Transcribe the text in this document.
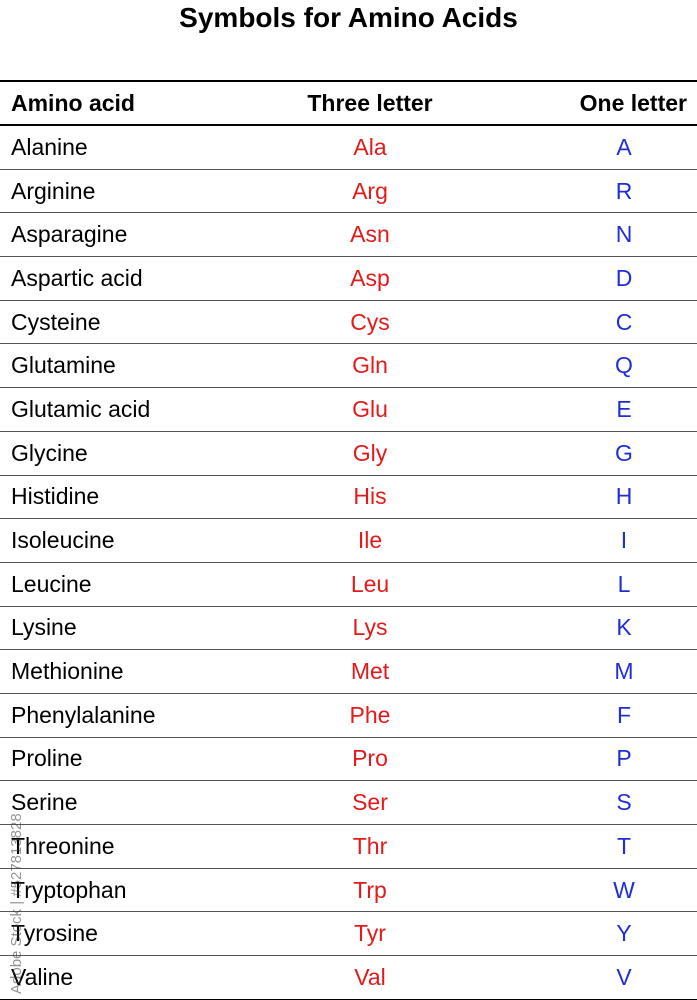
Symbols for Amino Acids
Amino acid	Three letter	One letter
Alanine	Ala	A
Arginine	Arg	R
Asparagine	Asn	N
Aspartic acid	Asp	D
Cysteine	Cys	C
Glutamine	Gln	Q
Glutamic acid	Glu	E
Glycine	Gly	G
Histidine	His	H
Isoleucine	Ile	I
Leucine	Leu	L
Lysine	Lys	K
Methionine	Met	M
Phenylalanine	Phe	F
Proline	Pro	P
Serine	Ser	S
Threonine	Thr	T
Tryptophan	Trp	W
Tyrosine	Tyr	Y
Valine	Val	V
Adobe Stock | #527813828
